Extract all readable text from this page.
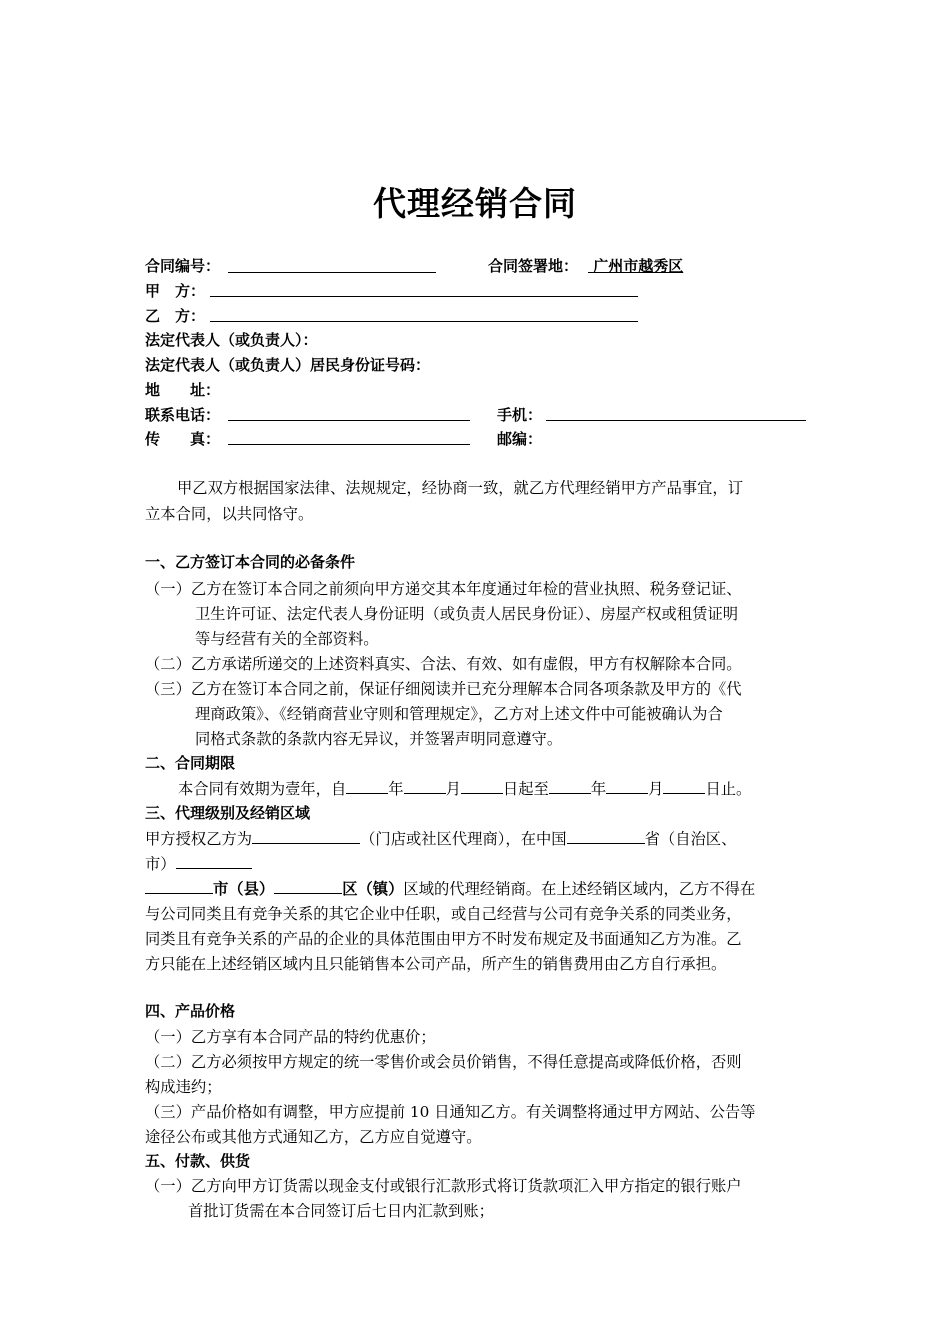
代理经销合同
合同编号：	合同签署地：	广州市越秀区
甲　方：
乙　方：
法定代表人（或负责人）：
法定代表人（或负责人）居民身份证号码：
地　　址：
联系电话：	手机：
传　　真：	邮编：
甲乙双方根据国家法律、法规规定，经协商一致，就乙方代理经销甲方产品事宜，订
立本合同，以共同恪守。
一、乙方签订本合同的必备条件
（一）乙方在签订本合同之前须向甲方递交其本年度通过年检的营业执照、税务登记证、
卫生许可证、法定代表人身份证明（或负责人居民身份证）、房屋产权或租赁证明
等与经营有关的全部资料。
（二）乙方承诺所递交的上述资料真实、合法、有效、如有虚假，甲方有权解除本合同。
（三）乙方在签订本合同之前，保证仔细阅读并已充分理解本合同各项条款及甲方的《代
理商政策》、《经销商营业守则和管理规定》，乙方对上述文件中可能被确认为合
同格式条款的条款内容无异议，并签署声明同意遵守。
二、合同期限
本合同有效期为壹年，自	年	月	日起至	年	月	日止。
三、代理级别及经销区域
甲方授权乙方为	（门店或社区代理商），在中国	省（自治区、
市）
市（县）	区（镇）区域的代理经销商。在上述经销区域内，乙方不得在
与公司同类且有竞争关系的其它企业中任职，或自己经营与公司有竞争关系的同类业务，
同类且有竞争关系的产品的企业的具体范围由甲方不时发布规定及书面通知乙方为准。乙
方只能在上述经销区域内且只能销售本公司产品，所产生的销售费用由乙方自行承担。
四、产品价格
（一）乙方享有本合同产品的特约优惠价；
（二）乙方必须按甲方规定的统一零售价或会员价销售，不得任意提高或降低价格，否则
构成违约；
（三）产品价格如有调整，甲方应提前 10 日通知乙方。有关调整将通过甲方网站、公告等
途径公布或其他方式通知乙方，乙方应自觉遵守。
五、付款、供货
（一）乙方向甲方订货需以现金支付或银行汇款形式将订货款项汇入甲方指定的银行账户
首批订货需在本合同签订后七日内汇款到账；
